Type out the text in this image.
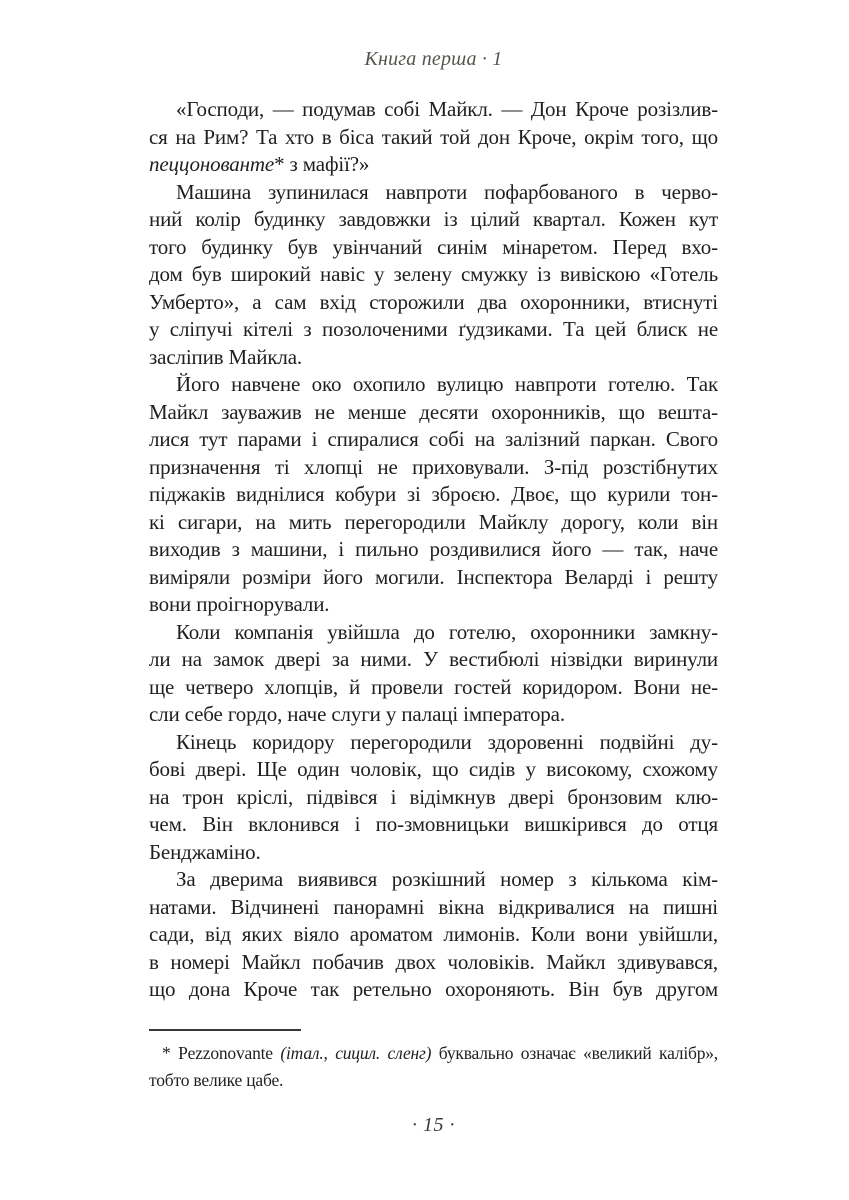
Книга перша · 1
«Господи, — подумав собі Майкл. — Дон Кроче розізлив-
ся на Рим? Та хто в біса такий той дон Кроче, окрім того, що
пеццонованте* з мафії?»
Машина зупинилася навпроти пофарбованого в черво-
ний колір будинку завдовжки із цілий квартал. Кожен кут
того будинку був увінчаний синім мінаретом. Перед вхо-
дом був широкий навіс у зелену смужку із вивіскою «Готель
Умберто», а сам вхід сторожили два охоронники, втиснуті
у сліпучі кітелі з позолоченими ґудзиками. Та цей блиск не
засліпив Майкла.
Його навчене око охопило вулицю навпроти готелю. Так
Майкл зауважив не менше десяти охоронників, що вешта-
лися тут парами і спиралися собі на залізний паркан. Свого
призначення ті хлопці не приховували. З-під розстібнутих
піджаків виднілися кобури зі зброєю. Двоє, що курили тон-
кі сигари, на мить перегородили Майклу дорогу, коли він
виходив з машини, і пильно роздивилися його — так, наче
виміряли розміри його могили. Інспектора Веларді і решту
вони проігнорували.
Коли компанія увійшла до готелю, охоронники замкну-
ли на замок двері за ними. У вестибюлі нізвідки виринули
ще четверо хлопців, й провели гостей коридором. Вони не-
сли себе гордо, наче слуги у палаці імператора.
Кінець коридору перегородили здоровенні подвійні ду-
бові двері. Ще один чоловік, що сидів у високому, схожому
на трон кріслі, підвівся і відімкнув двері бронзовим клю-
чем. Він вклонився і по-змовницьки вишкірився до отця
Бенджаміно.
За дверима виявився розкішний номер з кількома кім-
натами. Відчинені панорамні вікна відкривалися на пишні
сади, від яких віяло ароматом лимонів. Коли вони увійшли,
в номері Майкл побачив двох чоловіків. Майкл здивувався,
що дона Кроче так ретельно охороняють. Він був другом
* Pezzonovante (італ., сицил. сленг) буквально означає «великий калібр»,
тобто велике цабе.
· 15 ·
